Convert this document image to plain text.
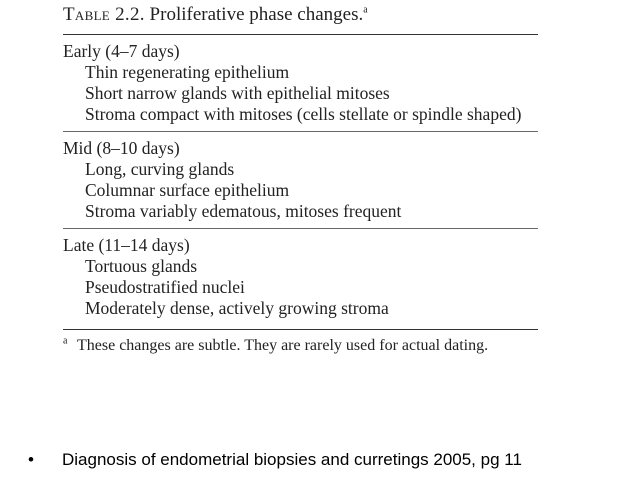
Table 2.2. Proliferative phase changes.$^a$
Early (4–7 days)
Thin regenerating epithelium
Short narrow glands with epithelial mitoses
Stroma compact with mitoses (cells stellate or spindle shaped)
Mid (8–10 days)
Long, curving glands
Columnar surface epithelium
Stroma variably edematous, mitoses frequent
Late (11–14 days)
Tortuous glands
Pseudostratified nuclei
Moderately dense, actively growing stroma
$^a$ These changes are subtle. They are rarely used for actual dating.
• Diagnosis of endometrial biopsies and curretings 2005, pg 11
